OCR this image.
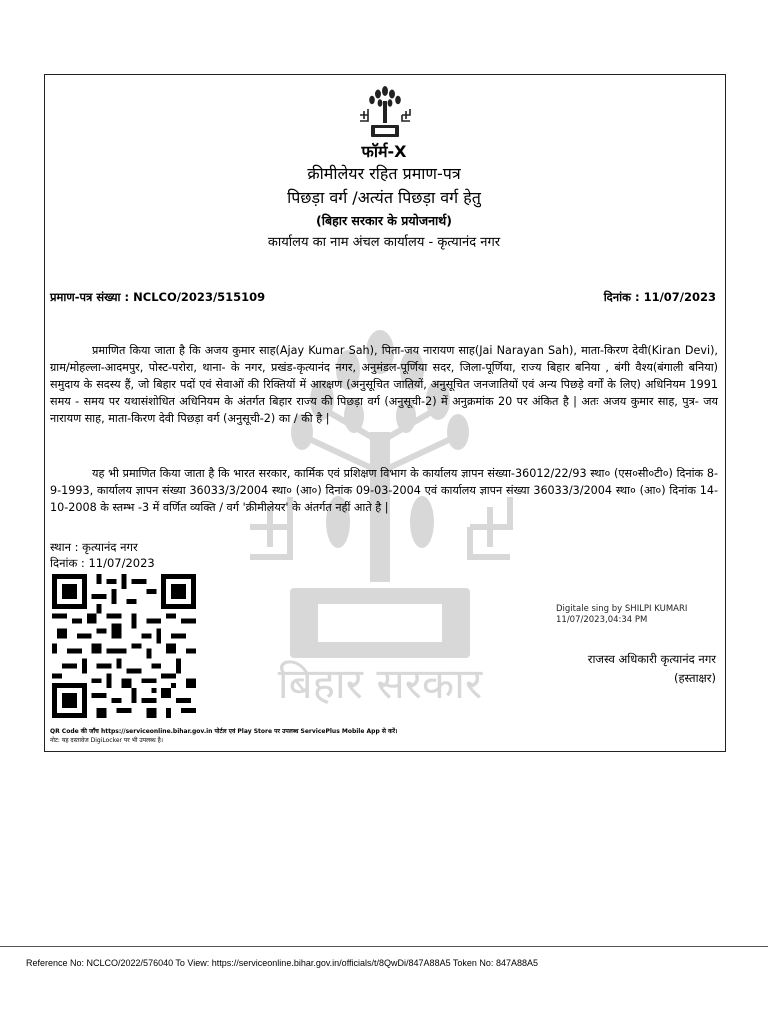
बिहार सरकार
फॉर्म-X
क्रीमीलेयर रहित प्रमाण-पत्र
पिछड़ा वर्ग /अत्यंत पिछड़ा वर्ग हेतु
(बिहार सरकार के प्रयोजनार्थ)
कार्यालय का नाम अंचल कार्यालय - कृत्यानंद नगर
प्रमाण-पत्र संख्या : NCLCO/2023/515109	दिनांक : 11/07/2023
प्रमाणित किया जाता है कि अजय कुमार साह(Ajay Kumar Sah), पिता-जय नारायण साह(Jai Narayan Sah), माता-किरण देवी(Kiran Devi), ग्राम/मोहल्ला-आदमपुर, पोस्ट-परोरा, थाना- के नगर, प्रखंड-कृत्यानंद नगर, अनुमंडल-पूर्णिया सदर, जिला-पूर्णिया, राज्य बिहार बनिया , बंगी वैश्य(बंगाली बनिया) समुदाय के सदस्य हैं, जो बिहार पदों एवं सेवाओं की रिक्तियों में आरक्षण (अनुसूचित जातियों, अनुसूचित जनजातियों एवं अन्य पिछड़े वर्गों के लिए) अधिनियम 1991 समय - समय पर यथासंशोधित अधिनियम के अंतर्गत बिहार राज्य की पिछड़ा वर्ग (अनुसूची-2) में अनुक्रमांक 20 पर अंकित है | अतः अजय कुमार साह, पुत्र- जय नारायण साह, माता-किरण देवी पिछड़ा वर्ग (अनुसूची-2) का / की है |
यह भी प्रमाणित किया जाता है कि भारत सरकार, कार्मिक एवं प्रशिक्षण विभाग के कार्यालय ज्ञापन संख्या-36012/22/93 स्था० (एस०सी०टी०) दिनांक 8-9-1993, कार्यालय ज्ञापन संख्या 36033/3/2004 स्था० (आ०) दिनांक 09-03-2004 एवं कार्यालय ज्ञापन संख्या 36033/3/2004 स्था० (आ०) दिनांक 14-10-2008 के स्तम्भ -3 में वर्णित व्यक्ति / वर्ग 'क्रीमीलेयर' के अंतर्गत नहीं आते है |
स्थान : कृत्यानंद नगर
दिनांक : 11/07/2023
Digitale sing by SHILPI KUMARI
11/07/2023,04:34 PM
राजस्व अधिकारी कृत्यानंद नगर
(हस्ताक्षर)
QR Code की जाँच https://serviceonline.bihar.gov.in पोर्टल एवं Play Store पर उपलब्ध ServicePlus Mobile App से करें।
नोट: यह दस्तावेज DigiLocker पर भी उपलब्ध है।
Reference No: NCLCO/2022/576040 To View: https://serviceonline.bihar.gov.in/officials/t/8QwDi/847A88A5 Token No: 847A88A5
